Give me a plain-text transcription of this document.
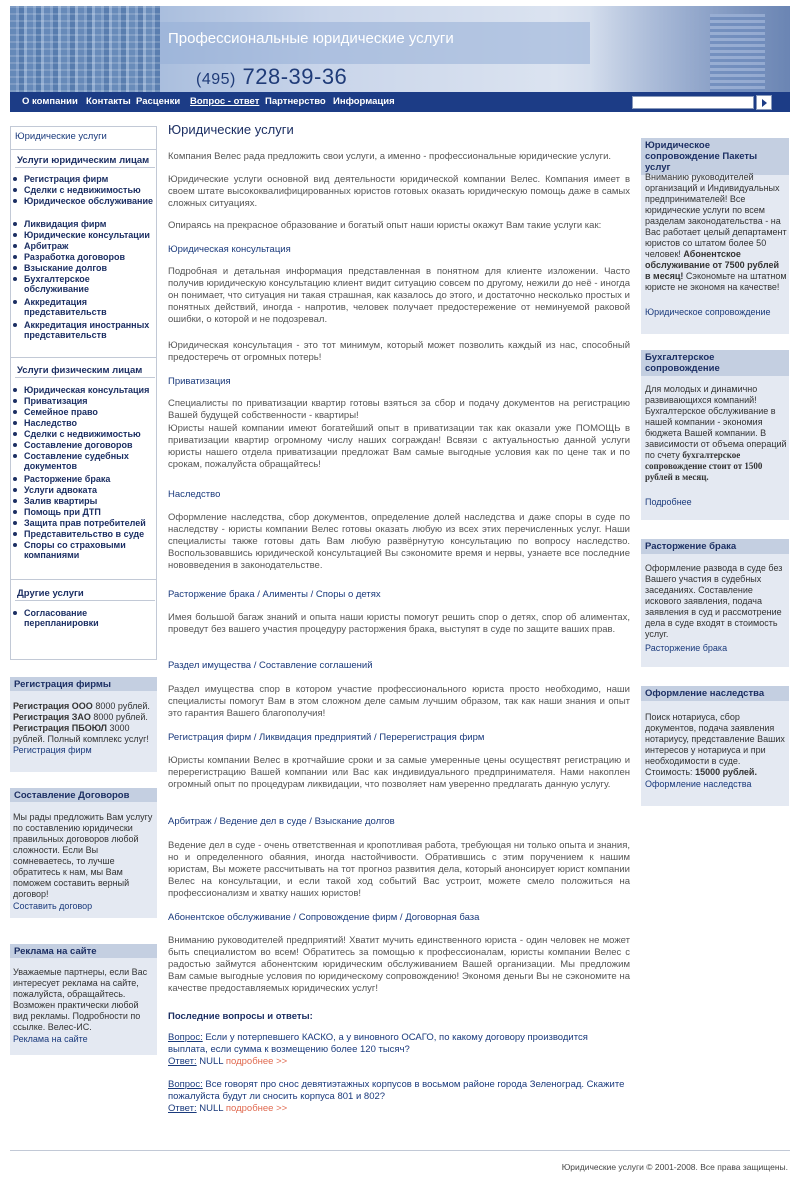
Профессиональные юридические услуги
(495) 728-39-36
О компании Контакты Расценки Вопрос - ответ Партнерство Информация
Юридические услуги
Услуги юридическим лицам
Регистрация фирм
Сделки с недвижимостью
Юридическое обслуживание
Ликвидация фирм
Юридические консультации
Арбитраж
Разработка договоров
Взыскание долгов
Бухгалтерское обслуживание
Аккредитация представительств
Аккредитация иностранных представительств
Услуги физическим лицам
Юридическая консультация
Приватизация
Семейное право
Наследство
Сделки с недвижимостью
Составление договоров
Составление судебных документов
Расторжение брака
Услуги адвоката
Залив квартиры
Помощь при ДТП
Защита прав потребителей
Представительство в суде
Споры со страховыми компаниями
Другие услуги
Согласование перепланировки
Регистрация фирмы
Регистрация ООО 8000 рублей.
Регистрация ЗАО 8000 рублей.
Регистрация ПБОЮЛ 3000 рублей. Полный комплекс услуг!
Регистрация фирм
Составление Договоров
Мы рады предложить Вам услугу по составлению юридически правильных договоров любой сложности. Если Вы сомневаетесь, то лучше обратитесь к нам, мы Вам поможем составить верный договор!
Составить договор
Реклама на сайте
Уважаемые партнеры, если Вас интересует реклама на сайте, пожалуйста, обращайтесь. Возможен практически любой вид рекламы. Подробности по ссылке. Велес-ИС.
Реклама на сайте
Юридическое сопровождение Пакеты услуг
Вниманию руководителей организаций и Индивидуальных предпринимателей! Все юридические услуги по всем разделам законодательства - на Вас работает целый департамент юристов со штатом более 50 человек! Абонентское обслуживание от 7500 рублей в месяц! Сэкономьте на штатном юристе не экономя на качестве!
Юридическое сопровождение
Бухгалтерское сопровождение
Для молодых и динамично развивающихся компаний! Бухгалтерское обслуживание в нашей компании - экономия бюджета Вашей компании. В зависимости от объема операций по счету бухгалтерское сопровождение стоит от 1500 рублей в месяц.
Подробнее
Расторжение брака
Оформление развода в суде без Вашего участия в судебных заседаниях. Составление искового заявления, подача заявления в суд и рассмотрение дела в суде входят в стоимость услуг.
Расторжение брака
Оформление наследства
Поиск нотариуса, сбор документов, подача заявления нотариусу, представление Ваших интересов у нотариуса и при необходимости в суде. Стоимость: 15000 рублей.
Оформление наследства
Юридические услуги
Компания Велес рада предложить свои услуги, а именно - профессиональные юридические услуги.
Юридические услуги основной вид деятельности юридической компании Велес. Компания имеет в своем штате высококвалифицированных юристов готовых оказать юридическую помощь даже в самых сложных ситуациях.
Опираясь на прекрасное образование и богатый опыт наши юристы окажут Вам такие услуги как:
Юридическая консультация
Подробная и детальная информация представленная в понятном для клиенте изложении. Часто получив юридическую консультацию клиент видит ситуацию совсем по другому, нежили до неё - иногда он понимает, что ситуация ни такая страшная, как казалось до этого, и достаточно несколько простых и понятных действий, иногда - напротив, человек получает предостережение от неминуемой раковой ошибки, о которой и не подозревал.
Юридическая консультация - это тот минимум, который может позволить каждый из нас, способный предостеречь от огромных потерь!
Приватизация
Специалисты по приватизации квартир готовы взяться за сбор и подачу документов на регистрацию Вашей будущей собственности - квартиры!
Юристы нашей компании имеют богатейший опыт в приватизации так как оказали уже ПОМОЩЬ в приватизации квартир огромному числу наших сограждан! Всвязи с актуальностью данной услуги юристы нашего отдела приватизации предложат Вам самые выгодные условия как по цене так и по срокам, пожалуйста обращайтесь!
Наследство
Оформление наследства, сбор документов, определение долей наследства и даже споры в суде по наследству - юристы компании Велес готовы оказать любую из всех этих перечисленных услуг. Наши специалисты также готовы дать Вам любую развёрнутую консультацию по вопросу наследство. Воспользовавшись юридической консультацией Вы сэкономите время и нервы, узнаете все последние нововведения в законодательстве.
Расторжение брака / Алименты / Споры о детях
Имея большой багаж знаний и опыта наши юристы помогут решить спор о детях, спор об алиментах, проведут без вашего участия процедуру расторжения брака, выступят в суде по защите ваших прав.
Раздел имущества / Составление соглашений
Раздел имущества спор в котором участие профессионального юриста просто необходимо, наши специалисты помогут Вам в этом сложном деле самым лучшим образом, так как наши знания и опыт это гарантия Вашего благополучия!
Регистрация фирм / Ликвидация предприятий / Перерегистрация фирм
Юристы компании Велес в кротчайшие сроки и за самые умеренные цены осуществят регистрацию и перерегистрацию Вашей компании или Вас как индивидуального предпринимателя. Нами накоплен огромный опыт по процедурам ликвидации, что позволяет нам уверенно предлагать данную услугу.
Арбитраж / Ведение дел в суде / Взыскание долгов
Ведение дел в суде - очень ответственная и кропотливая работа, требующая ни только опыта и знания, но и определенного обаяния, иногда настойчивости. Обратившись с этим поручением к нашим юристам, Вы можете рассчитывать на тот прогноз развития дела, который анонсирует юрист компании Велес на консультации, и если такой ход событий Вас устроит, можете смело положиться на профессионализм и хватку наших юристов!
Абонентское обслуживание / Сопровождение фирм / Договорная база
Вниманию руководителей предприятий! Хватит мучить единственного юриста - один человек не может быть специалистом во всем! Обратитесь за помощью к профессионалам, юристы компании Велес с радостью займутся абонентским юридическим обслуживанием Вашей организации. Мы предложим Вам самые выгодные условия по юридическому сопровождению! Экономя деньги Вы не сэкономите на качестве предоставляемых юридических услуг!
Последние вопросы и ответы:
Вопрос: Если у потерпевшего КАСКО, а у виновного ОСАГО, по какому договору производится выплата, если сумма к возмещению более 120 тысяч?
Ответ: NULL подробнее >>
Вопрос: Все говорят про снос девятиэтажных корпусов в восьмом районе города Зеленоград. Скажите пожалуйста будут ли сносить корпуса 801 и 802?
Ответ: NULL подробнее >>
Юридические услуги © 2001-2008. Все права защищены.
